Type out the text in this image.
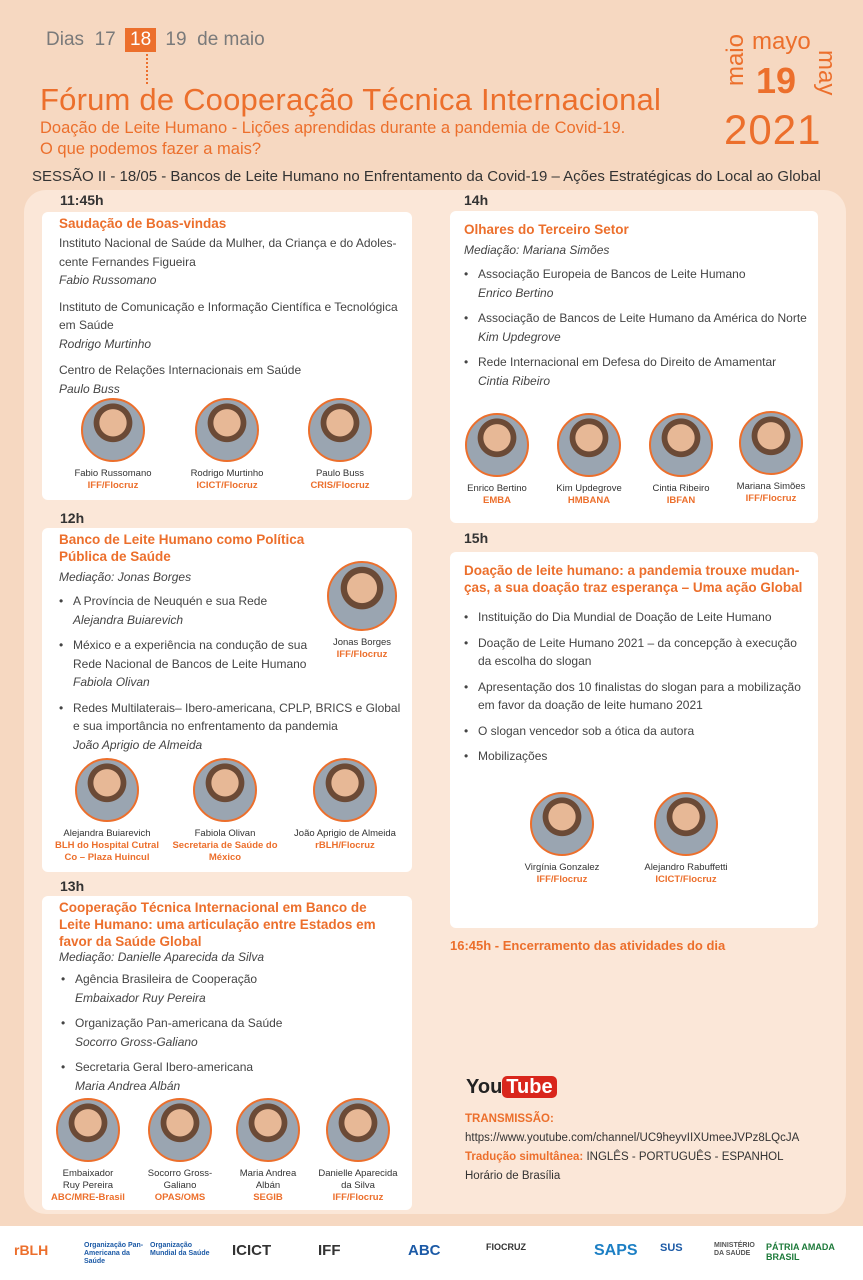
Dias 17 18 19 de maio
Fórum de Cooperação Técnica Internacional
Doação de Leite Humano - Lições aprendidas durante a pandemia de Covid-19.
O que podemos fazer a mais?
maio mayo
may
19
2021
SESSÃO II - 18/05 - Bancos de Leite Humano no Enfrentamento da Covid-19 – Ações Estratégicas do Local ao Global
11:45h
Saudação de Boas-vindas
Instituto Nacional de Saúde da Mulher, da Criança e do Adoles-cente Fernandes Figueira
Fabio Russomano
Instituto de Comunicação e Informação Científica e Tecnológica em Saúde
Rodrigo Murtinho
Centro de Relações Internacionais em Saúde
Paulo Buss
Fabio Russomano
IFF/Flocruz
Rodrigo Murtinho
ICICT/Flocruz
Paulo Buss
CRIS/Flocruz
12h
Banco de Leite Humano como Política Pública de Saúde
Mediação: Jonas Borges
• A Província de Neuquén e sua Rede
Alejandra Buiarevich
• México e a experiência na condução de sua Rede Nacional de Bancos de Leite Humano
Fabiola Olivan
• Redes Multilaterais– Ibero-americana, CPLP, BRICS e Global e sua importância no enfrentamento da pandemia
João Aprigio de Almeida
Jonas Borges
IFF/Flocruz
Alejandra Buiarevich
BLH do Hospital Cutral Co – Plaza Huincul
Fabiola Olivan
Secretaria de Saúde do México
João Aprigio de Almeida
rBLH/Flocruz
13h
Cooperação Técnica Internacional em Banco de Leite Humano: uma articulação entre Estados em favor da Saúde Global
Mediação: Danielle Aparecida da Silva
• Agência Brasileira de Cooperação
Embaixador Ruy Pereira
• Organização Pan-americana da Saúde
Socorro Gross-Galiano
• Secretaria Geral Ibero-americana
Maria Andrea Albán
Embaixador Ruy Pereira
ABC/MRE-Brasil
Socorro Gross-Galiano
OPAS/OMS
Maria Andrea Albán
SEGIB
Danielle Aparecida da Silva
IFF/Flocruz
14h
Olhares do Terceiro Setor
Mediação: Mariana Simões
• Associação Europeia de Bancos de Leite Humano
Enrico Bertino
• Associação de Bancos de Leite Humano da América do Norte
Kim Updegrove
• Rede Internacional em Defesa do Direito de Amamentar
Cintia Ribeiro
Enrico Bertino
EMBA
Kim Updegrove
HMBANA
Cintia Ribeiro
IBFAN
Mariana Simões
IFF/Flocruz
15h
Doação de leite humano: a pandemia trouxe mudan-ças, a sua doação traz esperança – Uma ação Global
• Instituição do Dia Mundial de Doação de Leite Humano
• Doação de Leite Humano 2021 – da concepção à execução da escolha do slogan
• Apresentação dos 10 finalistas do slogan para a mobilização em favor da doação de leite humano 2021
• O slogan vencedor sob a ótica da autora
• Mobilizações
Virgínia Gonzalez
IFF/Flocruz
Alejandro Rabuffetti
ICICT/Flocruz
16:45h - Encerramento das atividades do dia
You Tube
TRANSMISSÃO:
https://www.youtube.com/channel/UC9heyvIIXUmeeJVPz8LQcJA
Tradução simultânea: INGLÊS - PORTUGUÊS - ESPANHOL
Horário de Brasília
rBLH	Organização Pan-Americana da Saúde
Organização Mundial da Saúde ICICT	IFF	ABC	FIOCRUZ	SAPS SUS	MINISTÉRIO DA SAÚDE
PÁTRIA AMADA BRASIL
